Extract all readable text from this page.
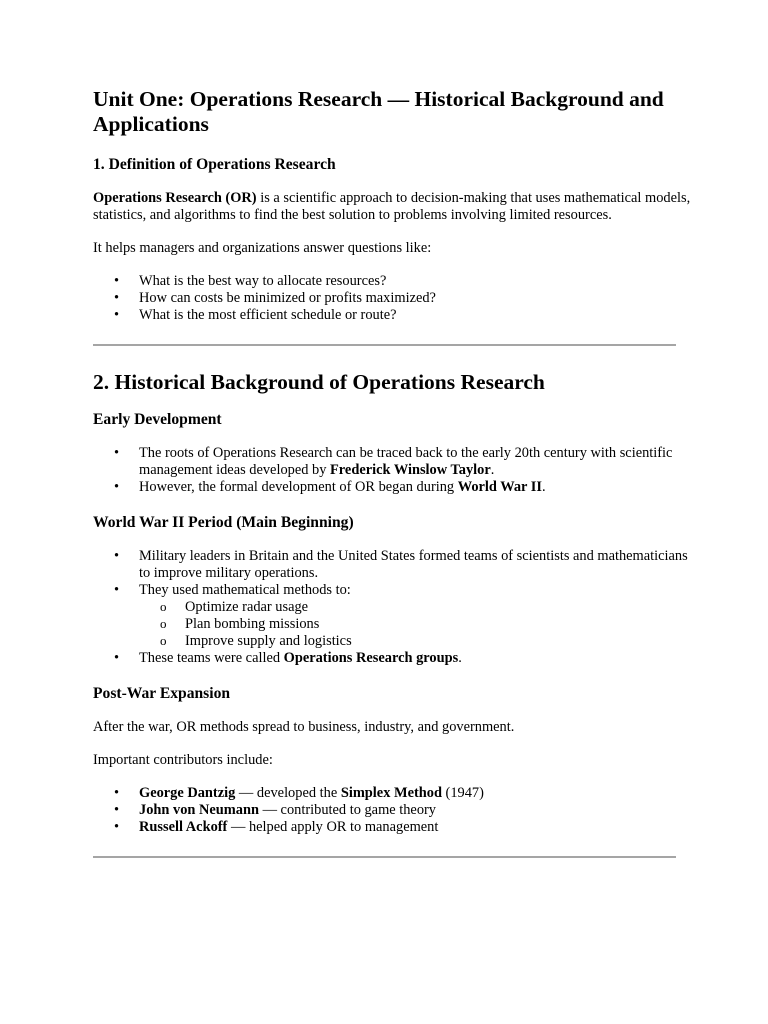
Unit One: Operations Research — Historical Background and Applications
1. Definition of Operations Research

Operations Research (OR) is a scientific approach to decision-making that uses mathematical models, statistics, and algorithms to find the best solution to problems involving limited resources.

It helps managers and organizations answer questions like:

• What is the best way to allocate resources?
• How can costs be minimized or profits maximized?
• What is the most efficient schedule or route?
2. Historical Background of Operations Research
Early Development
• The roots of Operations Research can be traced back to the early 20th century with scientific management ideas developed by Frederick Winslow Taylor.
• However, the formal development of OR began during World War II.
World War II Period (Main Beginning)
• Military leaders in Britain and the United States formed teams of scientists and mathematicians to improve military operations.
• They used mathematical methods to:
o Optimize radar usage
o Plan bombing missions
o Improve supply and logistics
• These teams were called Operations Research groups.
Post-War Expansion

After the war, OR methods spread to business, industry, and government.

Important contributors include:

• George Dantzig — developed the Simplex Method (1947)
• John von Neumann — contributed to game theory
• Russell Ackoff — helped apply OR to management
